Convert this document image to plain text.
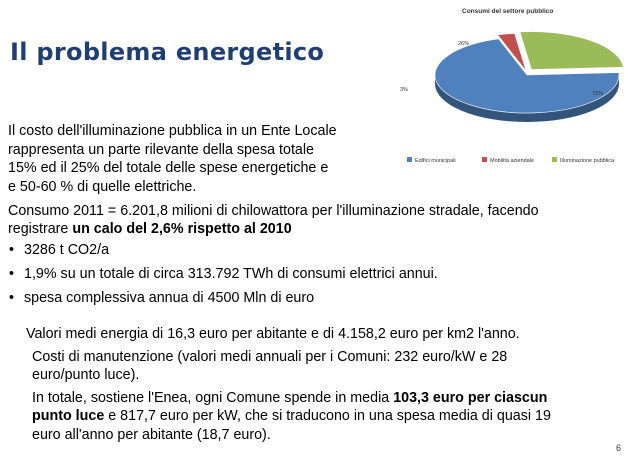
Il problema energetico
Consumi del settore pubblico
71%
3%
26%
Edifici municipali	Mobilità aziendale	Illuminazione pubblica
Il costo dell'illuminazione pubblica in un Ente Locale
rappresenta un parte rilevante della spesa totale
15% ed il 25% del totale delle spese energetiche e
e 50-60 % di quelle elettriche.
Consumo 2011 = 6.201,8 milioni di chilowattora per l'illuminazione stradale, facendo
registrare un calo del 2,6% rispetto al 2010
• 3286 t CO2/a
• 1,9% su un totale di circa 313.792 TWh di consumi elettrici annui.
• spesa complessiva annua di 4500 Mln di euro

Valori medi energia di 16,3 euro per abitante e di 4.158,2 euro per km2 l'anno.

Costi di manutenzione (valori medi annuali per i Comuni: 232 euro/kW e 28
euro/punto luce).

In totale, sostiene l'Enea, ogni Comune spende in media 103,3 euro per ciascun
punto luce e 817,7 euro per kW, che si traducono in una spesa media di quasi 19
euro all'anno per abitante (18,7 euro).

6
